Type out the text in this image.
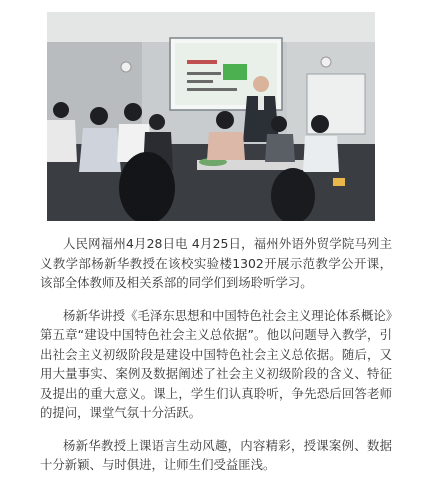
人民网福州4月28日电 4月25日，福州外语外贸学院马列主义教学部杨新华教授在该校实验楼1302开展示范教学公开课，该部全体教师及相关系部的同学们到场聆听学习。

杨新华讲授《毛泽东思想和中国特色社会主义理论体系概论》第五章“建设中国特色社会主义总依据”。他以问题导入教学，引出社会主义初级阶段是建设中国特色社会主义总依据。随后，又用大量事实、案例及数据阐述了社会主义初级阶段的含义、特征及提出的重大意义。课上，学生们认真聆听，争先恐后回答老师的提问，课堂气氛十分活跃。

杨新华教授上课语言生动风趣，内容精彩，授课案例、数据十分新颖、与时俱进，让师生们受益匪浅。
